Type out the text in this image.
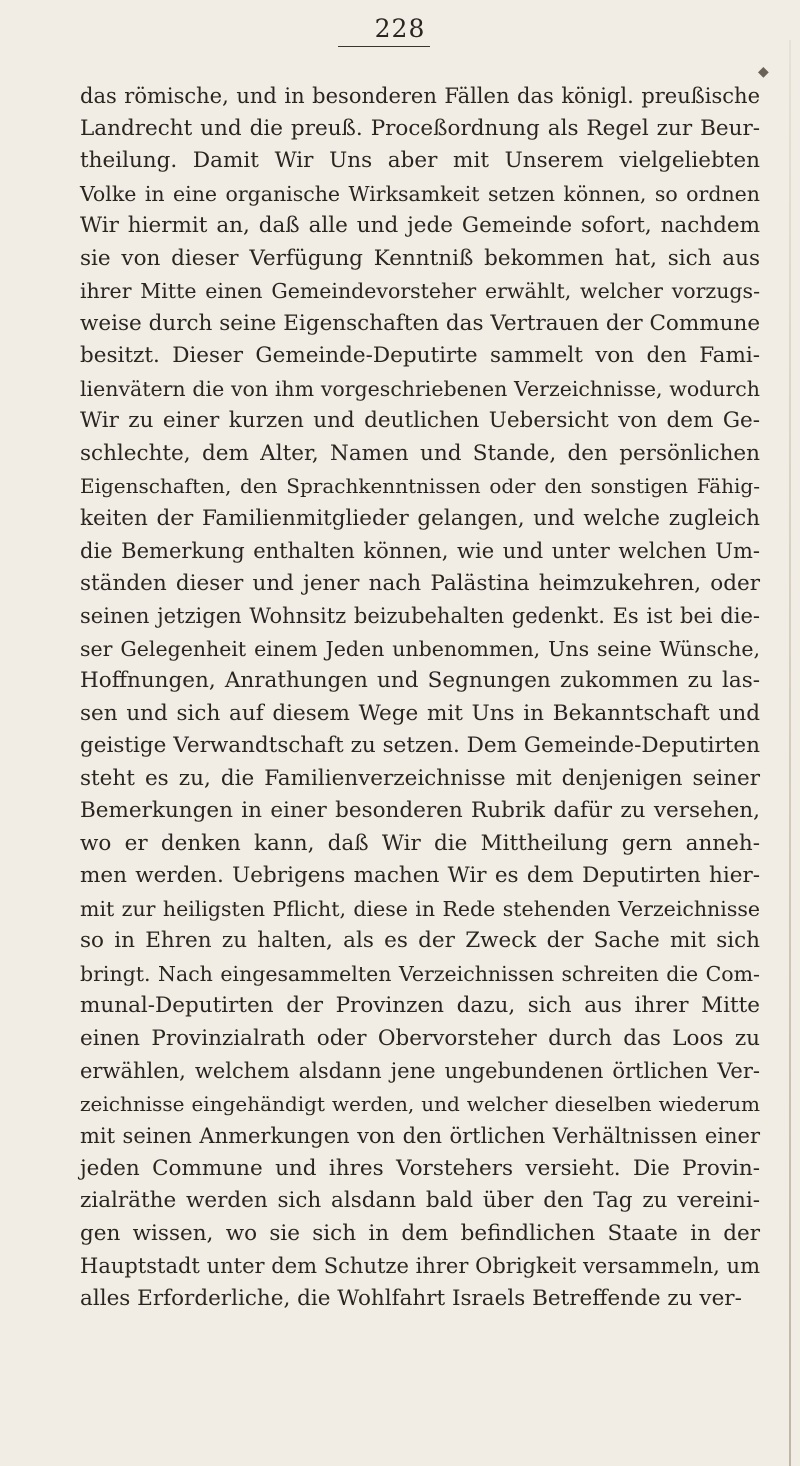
228
◆
das römische, und in besonderen Fällen das königl. preußische
Landrecht und die preuß. Proceßordnung als Regel zur Beur-
theilung. Damit Wir Uns aber mit Unserem vielgeliebten
Volke in eine organische Wirksamkeit setzen können, so ordnen
Wir hiermit an, daß alle und jede Gemeinde sofort, nachdem
sie von dieser Verfügung Kenntniß bekommen hat, sich aus
ihrer Mitte einen Gemeindevorsteher erwählt, welcher vorzugs-
weise durch seine Eigenschaften das Vertrauen der Commune
besitzt. Dieser Gemeinde-Deputirte sammelt von den Fami-
lienvätern die von ihm vorgeschriebenen Verzeichnisse, wodurch
Wir zu einer kurzen und deutlichen Uebersicht von dem Ge-
schlechte, dem Alter, Namen und Stande, den persönlichen
Eigenschaften, den Sprachkenntnissen oder den sonstigen Fähig-
keiten der Familienmitglieder gelangen, und welche zugleich
die Bemerkung enthalten können, wie und unter welchen Um-
ständen dieser und jener nach Palästina heimzukehren, oder
seinen jetzigen Wohnsitz beizubehalten gedenkt. Es ist bei die-
ser Gelegenheit einem Jeden unbenommen, Uns seine Wünsche,
Hoffnungen, Anrathungen und Segnungen zukommen zu las-
sen und sich auf diesem Wege mit Uns in Bekanntschaft und
geistige Verwandtschaft zu setzen. Dem Gemeinde-Deputirten
steht es zu, die Familienverzeichnisse mit denjenigen seiner
Bemerkungen in einer besonderen Rubrik dafür zu versehen,
wo er denken kann, daß Wir die Mittheilung gern anneh-
men werden. Uebrigens machen Wir es dem Deputirten hier-
mit zur heiligsten Pflicht, diese in Rede stehenden Verzeichnisse
so in Ehren zu halten, als es der Zweck der Sache mit sich
bringt. Nach eingesammelten Verzeichnissen schreiten die Com-
munal-Deputirten der Provinzen dazu, sich aus ihrer Mitte
einen Provinzialrath oder Obervorsteher durch das Loos zu
erwählen, welchem alsdann jene ungebundenen örtlichen Ver-
zeichnisse eingehändigt werden, und welcher dieselben wiederum
mit seinen Anmerkungen von den örtlichen Verhältnissen einer
jeden Commune und ihres Vorstehers versieht. Die Provin-
zialräthe werden sich alsdann bald über den Tag zu vereini-
gen wissen, wo sie sich in dem befindlichen Staate in der
Hauptstadt unter dem Schutze ihrer Obrigkeit versammeln, um
alles Erforderliche, die Wohlfahrt Israels Betreffende zu ver-
